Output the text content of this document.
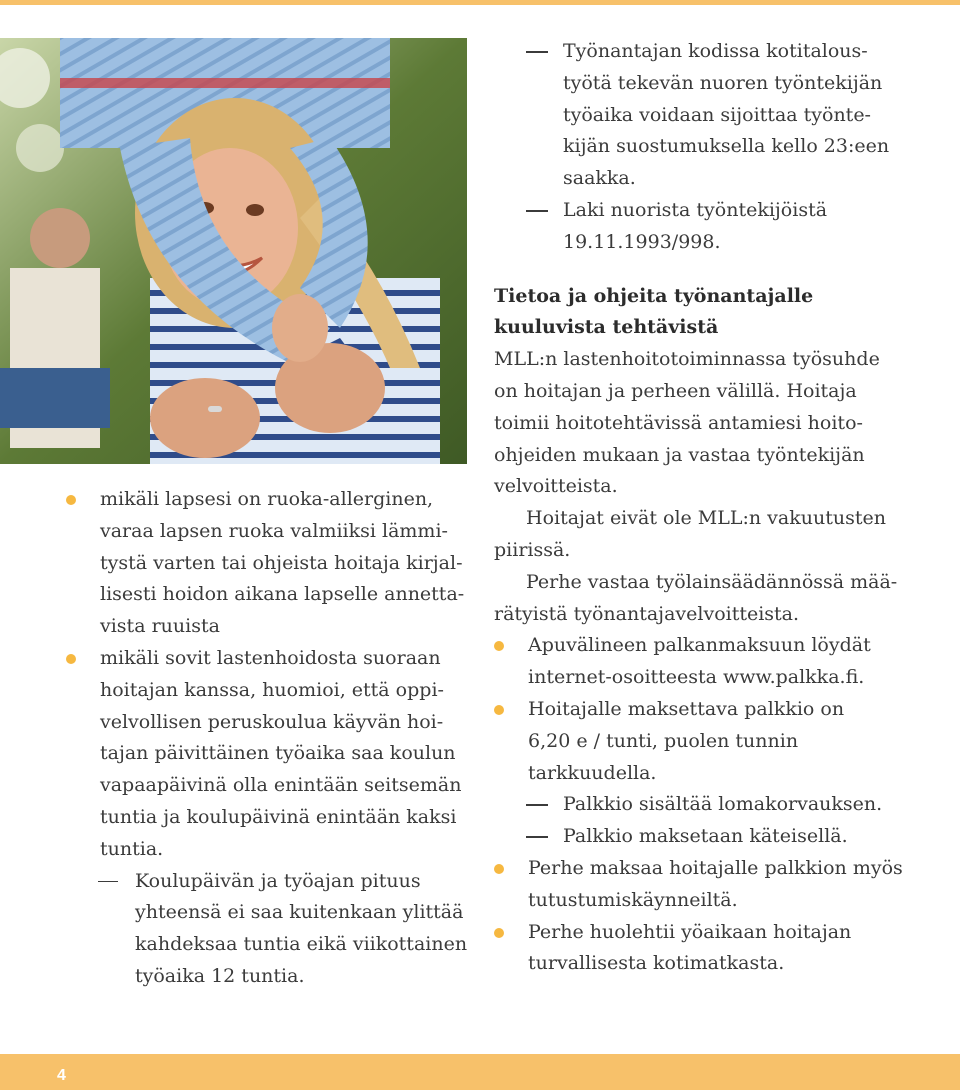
mikäli lapsesi on ruoka-allerginen,
varaa lapsen ruoka valmiiksi lämmi-
tystä varten tai ohjeista hoitaja kirjal-
lisesti hoidon aikana lapselle annetta-
vista ruuista
mikäli sovit lastenhoidosta suoraan
hoitajan kanssa, huomioi, että oppi-
velvollisen peruskoulua käyvän hoi-
tajan päivittäinen työaika saa koulun
vapaapäivinä olla enintään seitsemän
tuntia ja koulupäivinä enintään kaksi
tuntia.
Koulupäivän ja työajan pituus
yhteensä ei saa kuitenkaan ylittää
kahdeksaa tuntia eikä viikottainen
työaika 12 tuntia.
Työnantajan kodissa kotitalous-
työtä tekevän nuoren työntekijän
työaika voidaan sijoittaa työnte-
kijän suostumuksella kello 23:een
saakka.
Laki nuorista työntekijöistä
19.11.1993/998.
Tietoa ja ohjeita työnantajalle
kuuluvista tehtävistä
MLL:n lastenhoitotoiminnassa työsuhde
on hoitajan ja perheen välillä. Hoitaja
toimii hoitotehtävissä antamiesi hoito-
ohjeiden mukaan ja vastaa työntekijän
velvoitteista.
Hoitajat eivät ole MLL:n vakuutusten
piirissä.
Perhe vastaa työlainsäädännössä mää-
rätyistä työnantajavelvoitteista.
Apuvälineen palkanmaksuun löydät
internet-osoitteesta www.palkka.fi.
Hoitajalle maksettava palkkio on
6,20 e / tunti, puolen tunnin
tarkkuudella.
Palkkio sisältää lomakorvauksen.
Palkkio maksetaan käteisellä.
Perhe maksaa hoitajalle palkkion myös
tutustumiskäynneiltä.
Perhe huolehtii yöaikaan hoitajan
turvallisesta kotimatkasta.
4
